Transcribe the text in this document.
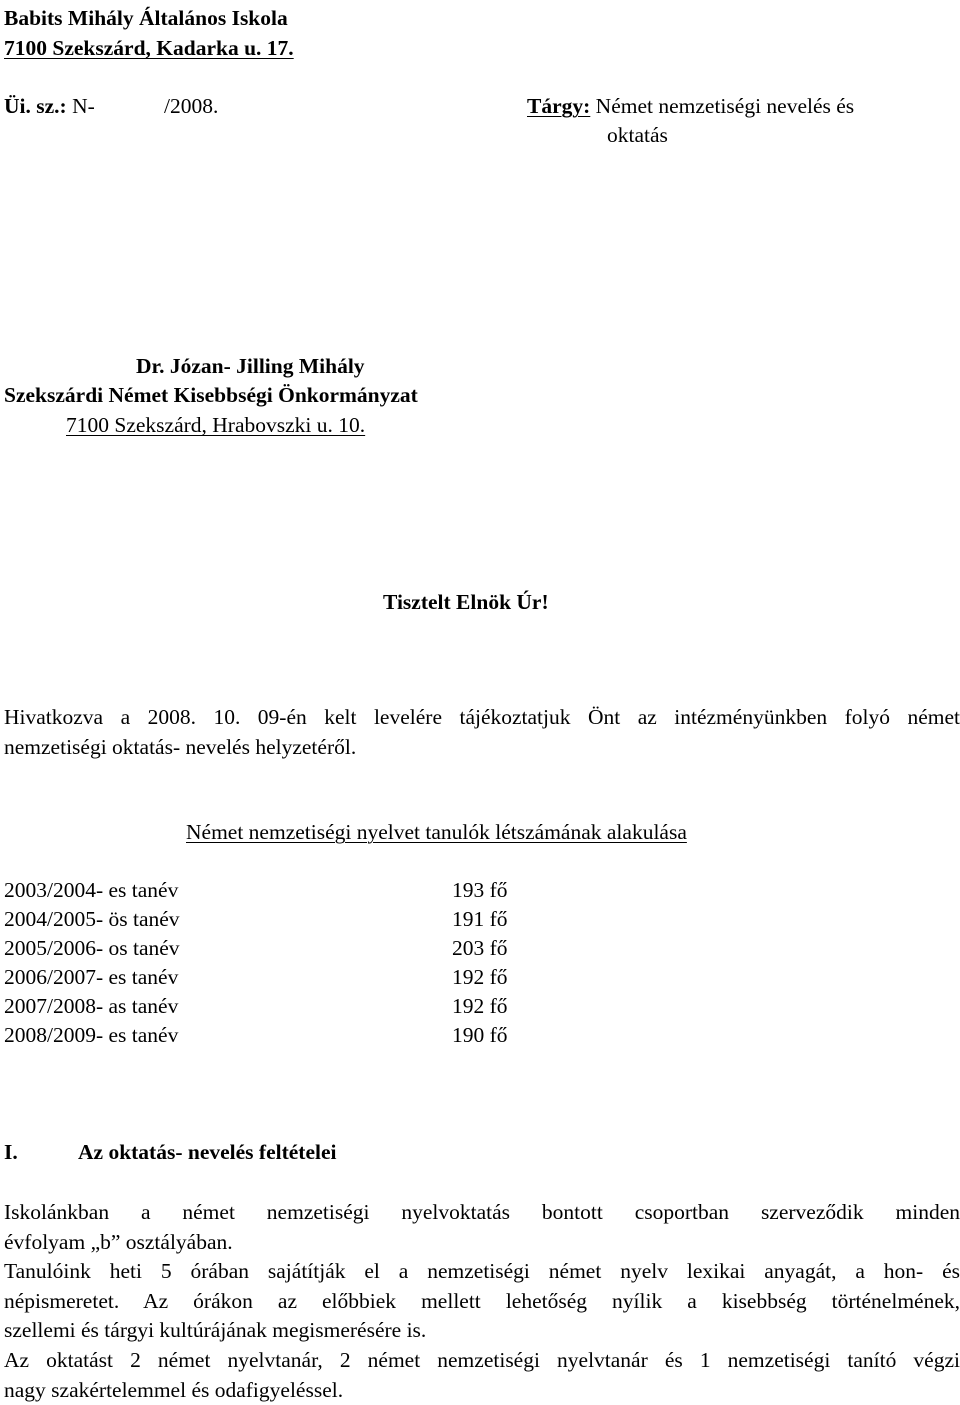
Babits Mihály Általános Iskola
7100 Szekszárd, Kadarka u. 17.
Üi. sz.: N-	/2008.	Tárgy: Német nemzetiségi nevelés és
oktatás
Dr. Józan- Jilling Mihály
Szekszárdi Német Kisebbségi Önkormányzat
7100 Szekszárd, Hrabovszki u. 10.
Tisztelt Elnök Úr!
Hivatkozva a 2008. 10. 09-én kelt levelére tájékoztatjuk Önt az intézményünkben folyó német
nemzetiségi oktatás- nevelés helyzetéről.
Német nemzetiségi nyelvet tanulók létszámának alakulása
2003/2004- es tanév	193 fő
2004/2005- ös tanév	191 fő
2005/2006- os tanév	203 fő
2006/2007- es tanév	192 fő
2007/2008- as tanév	192 fő
2008/2009- es tanév	190 fő
I.	Az oktatás- nevelés feltételei
Iskolánkban a német nemzetiségi nyelvoktatás bontott csoportban szerveződik minden
évfolyam „b” osztályában.
Tanulóink heti 5 órában sajátítják el a nemzetiségi német nyelv lexikai anyagát, a hon- és
népismeretet. Az órákon az előbbiek mellett lehetőség nyílik a kisebbség történelmének,
szellemi és tárgyi kultúrájának megismerésére is.
Az oktatást 2 német nyelvtanár, 2 német nemzetiségi nyelvtanár és 1 nemzetiségi tanító végzi
nagy szakértelemmel és odafigyeléssel.
